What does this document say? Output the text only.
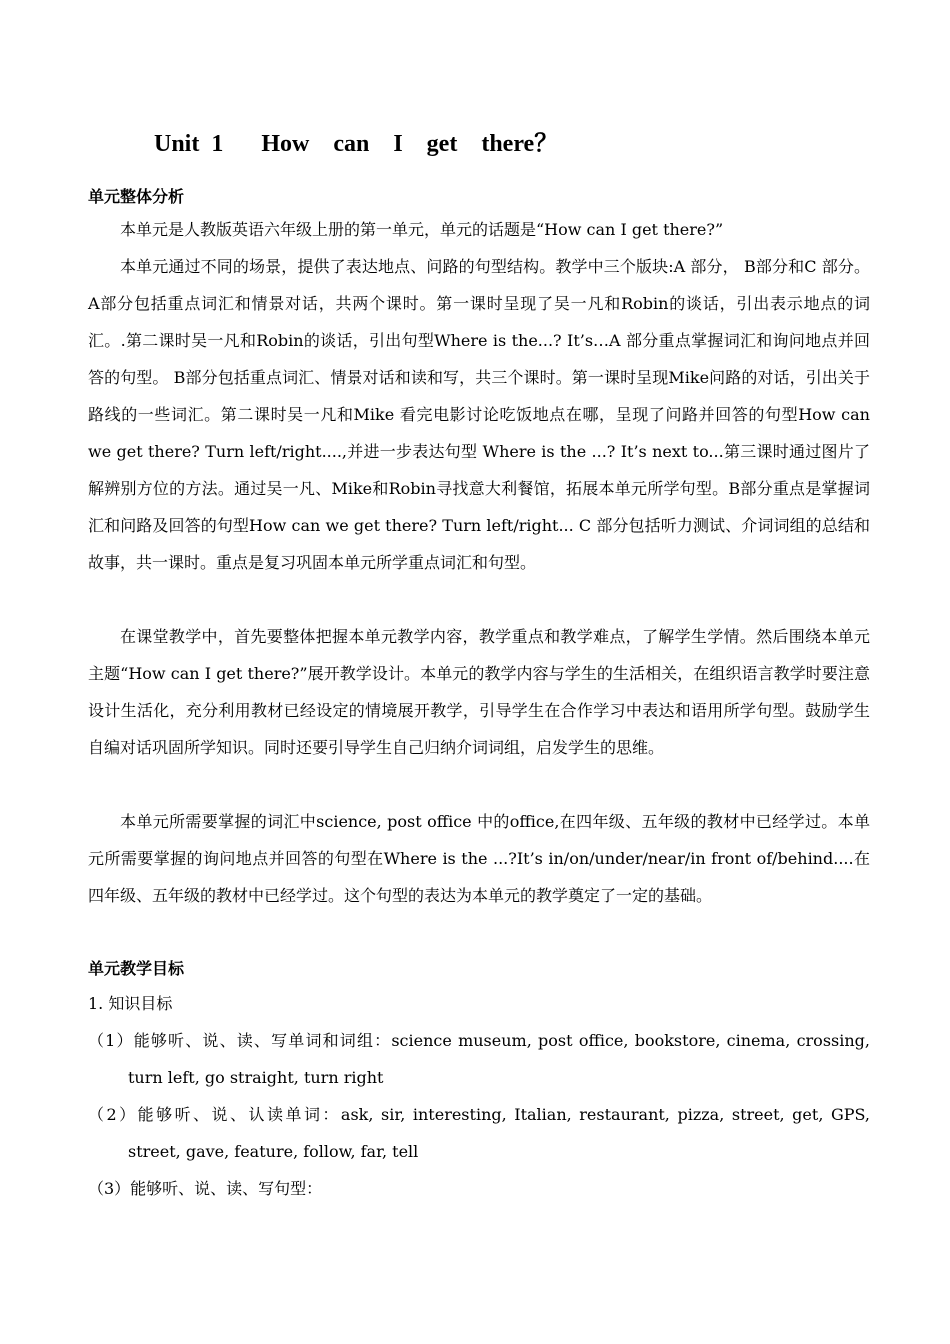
Unit 1 How  can  I  get  there？
单元整体分析
本单元是人教版英语六年级上册的第一单元，单元的话题是“How can I get there?”
本单元通过不同的场景，提供了表达地点、问路的句型结构。教学中三个版块:A 部分， B部分和C 部分。A部分包括重点词汇和情景对话，共两个课时。第一课时呈现了吴一凡和Robin的谈话，引出表示地点的词汇。.第二课时吴一凡和Robin的谈话，引出句型Where is the...? It’s…A 部分重点掌握词汇和询问地点并回答的句型。 B部分包括重点词汇、情景对话和读和写，共三个课时。第一课时呈现Mike问路的对话，引出关于路线的一些词汇。第二课时吴一凡和Mike 看完电影讨论吃饭地点在哪，呈现了问路并回答的句型How can we get there? Turn left/right....,并进一步表达句型 Where is the ...? It’s next to...第三课时通过图片了解辨别方位的方法。通过吴一凡、Mike和Robin寻找意大利餐馆，拓展本单元所学句型。B部分重点是掌握词汇和问路及回答的句型How can we get there? Turn left/right... C 部分包括听力测试、介词词组的总结和故事，共一课时。重点是复习巩固本单元所学重点词汇和句型。
在课堂教学中，首先要整体把握本单元教学内容，教学重点和教学难点，了解学生学情。然后围绕本单元主题“How can I get there?”展开教学设计。本单元的教学内容与学生的生活相关，在组织语言教学时要注意设计生活化，充分利用教材已经设定的情境展开教学，引导学生在合作学习中表达和语用所学句型。鼓励学生自编对话巩固所学知识。同时还要引导学生自己归纳介词词组，启发学生的思维。
本单元所需要掌握的词汇中science, post office 中的office,在四年级、五年级的教材中已经学过。本单元所需要掌握的询问地点并回答的句型在Where is the ...?It’s in/on/under/near/in front of/behind....在四年级、五年级的教材中已经学过。这个句型的表达为本单元的教学奠定了一定的基础。
单元教学目标
1. 知识目标
（1）能够听、说、读、写单词和词组：science museum, post office, bookstore, cinema, crossing, turn left, go straight, turn right
（2）能够听、说、认读单词：ask, sir, interesting, Italian, restaurant, pizza, street, get, GPS, street, gave, feature, follow, far, tell
（3）能够听、说、读、写句型：
